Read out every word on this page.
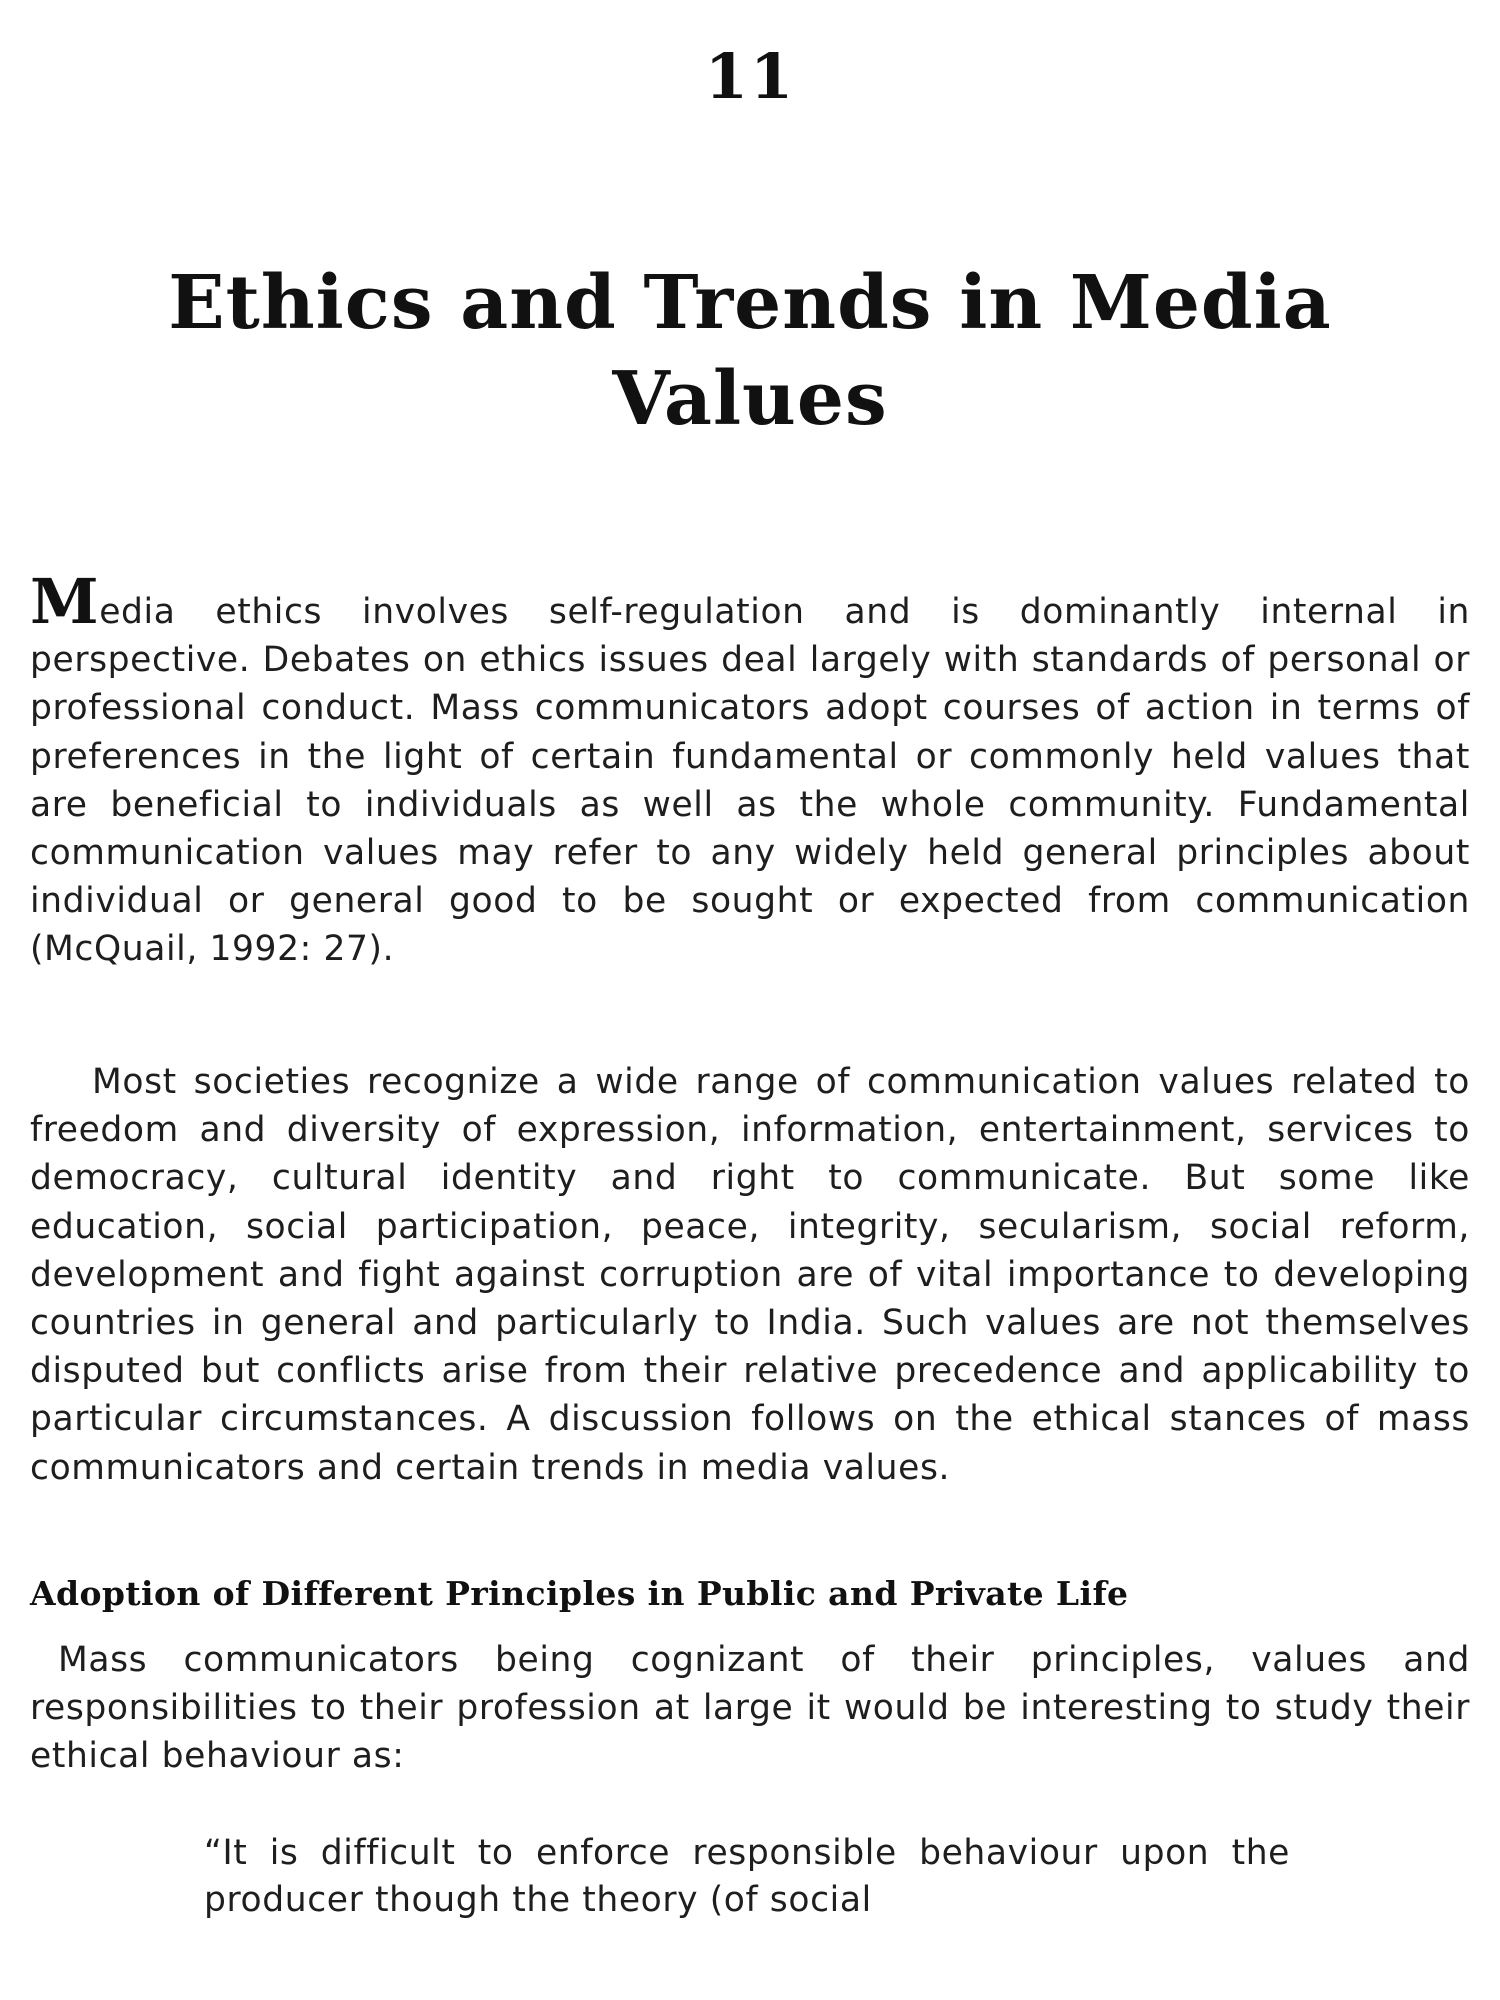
11
Ethics and Trends in Media Values

Media ethics involves self-regulation and is dominantly internal in perspective. Debates on ethics issues deal largely with standards of personal or professional conduct. Mass communicators adopt courses of action in terms of preferences in the light of certain fundamental or commonly held values that are beneficial to individuals as well as the whole community. Fundamental communication values may refer to any widely held general principles about individual or general good to be sought or expected from communication (McQuail, 1992: 27).

Most societies recognize a wide range of communication values related to freedom and diversity of expression, information, entertainment, services to democracy, cultural identity and right to communicate. But some like education, social participation, peace, integrity, secularism, social reform, development and fight against corruption are of vital importance to developing countries in general and particularly to India. Such values are not themselves disputed but conflicts arise from their relative precedence and applicability to particular circumstances. A discussion follows on the ethical stances of mass communicators and certain trends in media values.

Adoption of Different Principles in Public and Private Life

Mass communicators being cognizant of their principles, values and responsibilities to their profession at large it would be interesting to study their ethical behaviour as:

“It is difficult to enforce responsible behaviour upon the producer though the theory (of social
